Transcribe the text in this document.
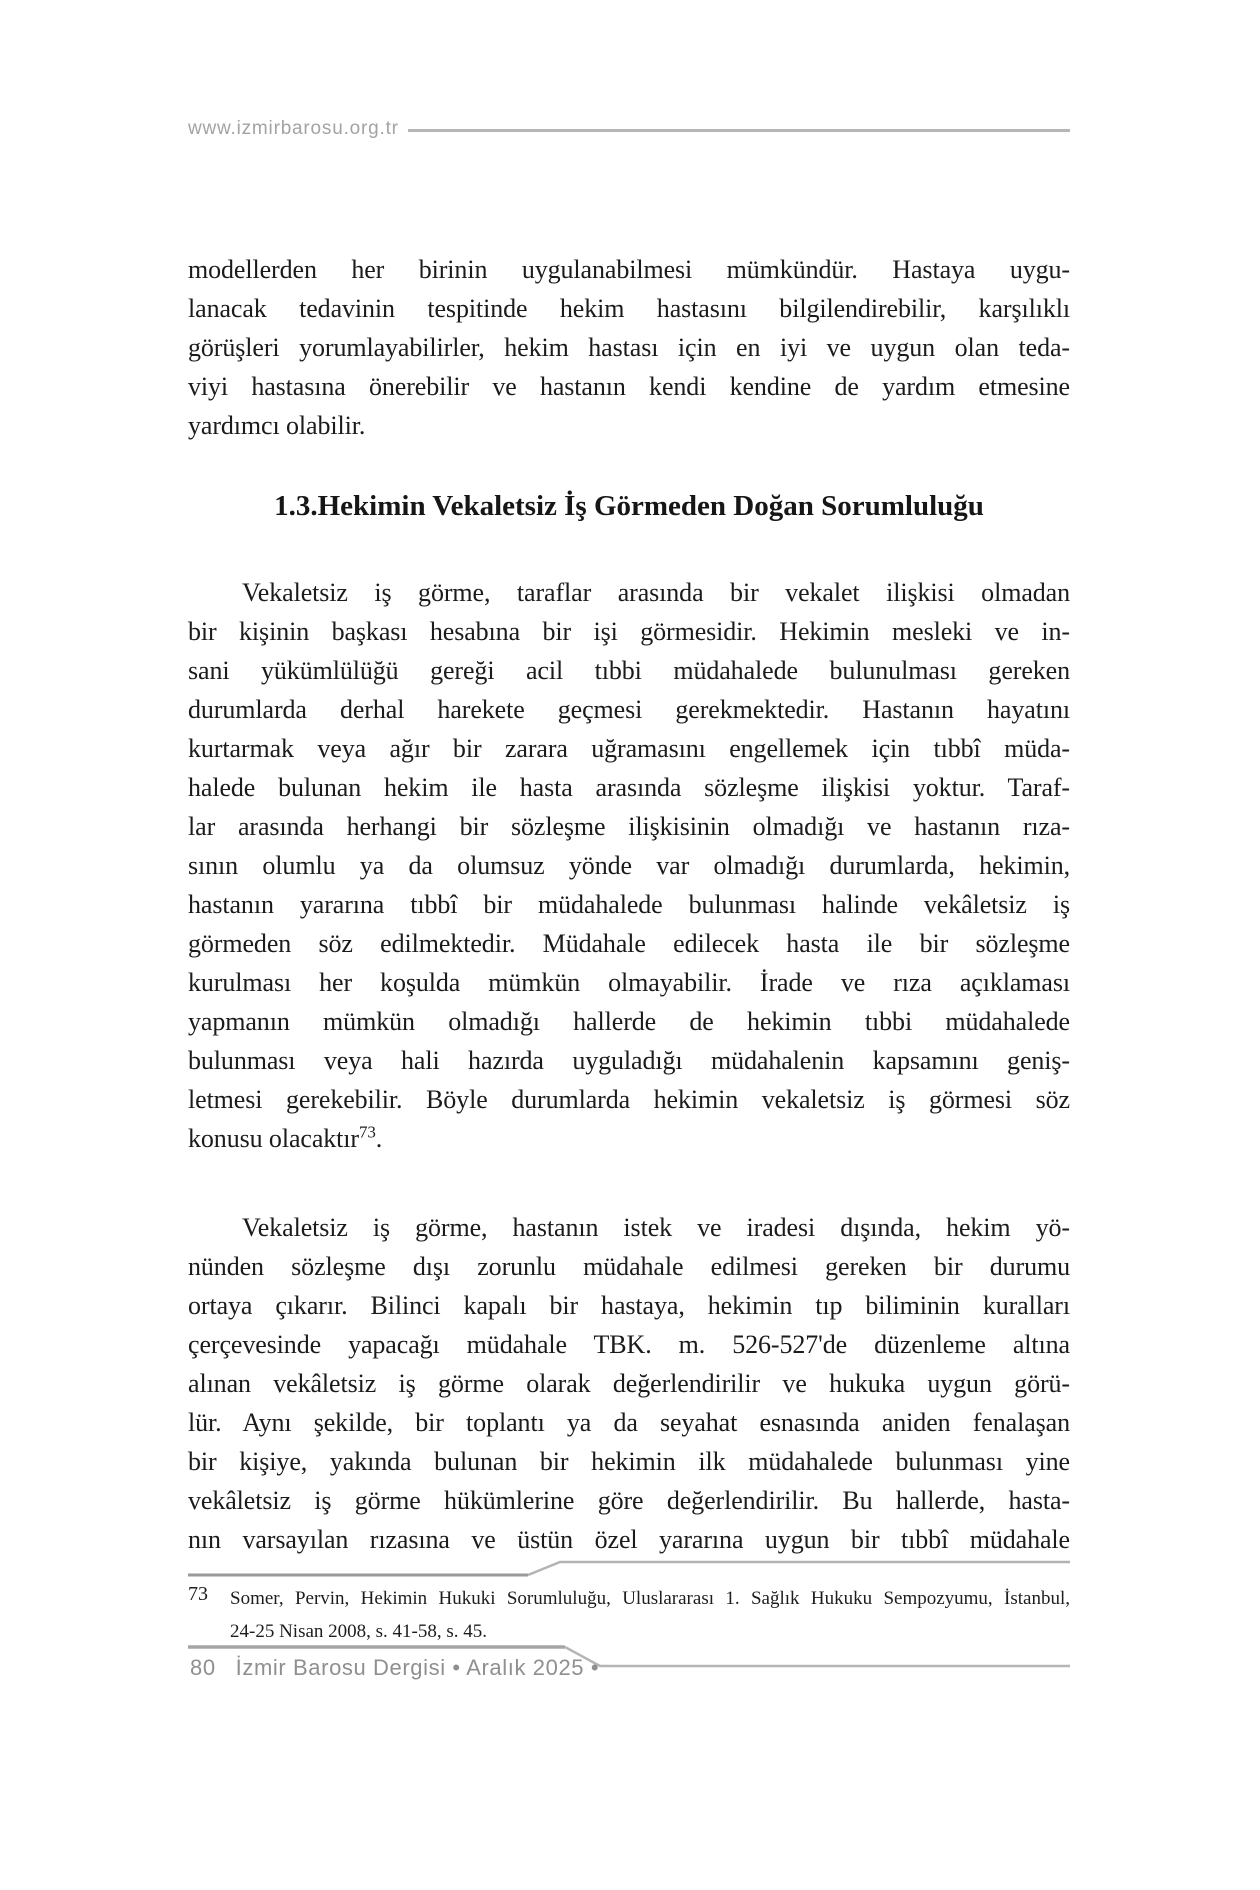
www.izmirbarosu.org.tr
modellerden her birinin uygulanabilmesi mümkündür. Hastaya uygu-
lanacak tedavinin tespitinde hekim hastasını bilgilendirebilir, karşılıklı
görüşleri yorumlayabilirler, hekim hastası için en iyi ve uygun olan teda-
viyi hastasına önerebilir ve hastanın kendi kendine de yardım etmesine
yardımcı olabilir.
1.3.Hekimin Vekaletsiz İş Görmeden Doğan Sorumluluğu
Vekaletsiz iş görme, taraflar arasında bir vekalet ilişkisi olmadan
bir kişinin başkası hesabına bir işi görmesidir. Hekimin mesleki ve in-
sani yükümlülüğü gereği acil tıbbi müdahalede bulunulması gereken
durumlarda derhal harekete geçmesi gerekmektedir. Hastanın hayatını
kurtarmak veya ağır bir zarara uğramasını engellemek için tıbbî müda-
halede bulunan hekim ile hasta arasında sözleşme ilişkisi yoktur. Taraf-
lar arasında herhangi bir sözleşme ilişkisinin olmadığı ve hastanın rıza-
sının olumlu ya da olumsuz yönde var olmadığı durumlarda, hekimin,
hastanın yararına tıbbî bir müdahalede bulunması halinde vekâletsiz iş
görmeden söz edilmektedir. Müdahale edilecek hasta ile bir sözleşme
kurulması her koşulda mümkün olmayabilir. İrade ve rıza açıklaması
yapmanın mümkün olmadığı hallerde de hekimin tıbbi müdahalede
bulunması veya hali hazırda uyguladığı müdahalenin kapsamını geniş-
letmesi gerekebilir. Böyle durumlarda hekimin vekaletsiz iş görmesi söz
konusu olacaktır$^{73}$.
Vekaletsiz iş görme, hastanın istek ve iradesi dışında, hekim yö-
nünden sözleşme dışı zorunlu müdahale edilmesi gereken bir durumu
ortaya çıkarır. Bilinci kapalı bir hastaya, hekimin tıp biliminin kuralları
çerçevesinde yapacağı müdahale TBK. m. 526-527'de düzenleme altına
alınan vekâletsiz iş görme olarak değerlendirilir ve hukuka uygun görü-
lür. Aynı şekilde, bir toplantı ya da seyahat esnasında aniden fenalaşan
bir kişiye, yakında bulunan bir hekimin ilk müdahalede bulunması yine
vekâletsiz iş görme hükümlerine göre değerlendirilir. Bu hallerde, hasta-
nın varsayılan rızasına ve üstün özel yararına uygun bir tıbbî müdahale
73 Somer, Pervin, Hekimin Hukuki Sorumluluğu, Uluslararası 1. Sağlık Hukuku Sempozyumu, İstanbul,
24-25 Nisan 2008, s. 41-58, s. 45.
80 İzmir Barosu Dergisi • Aralık 2025 •
